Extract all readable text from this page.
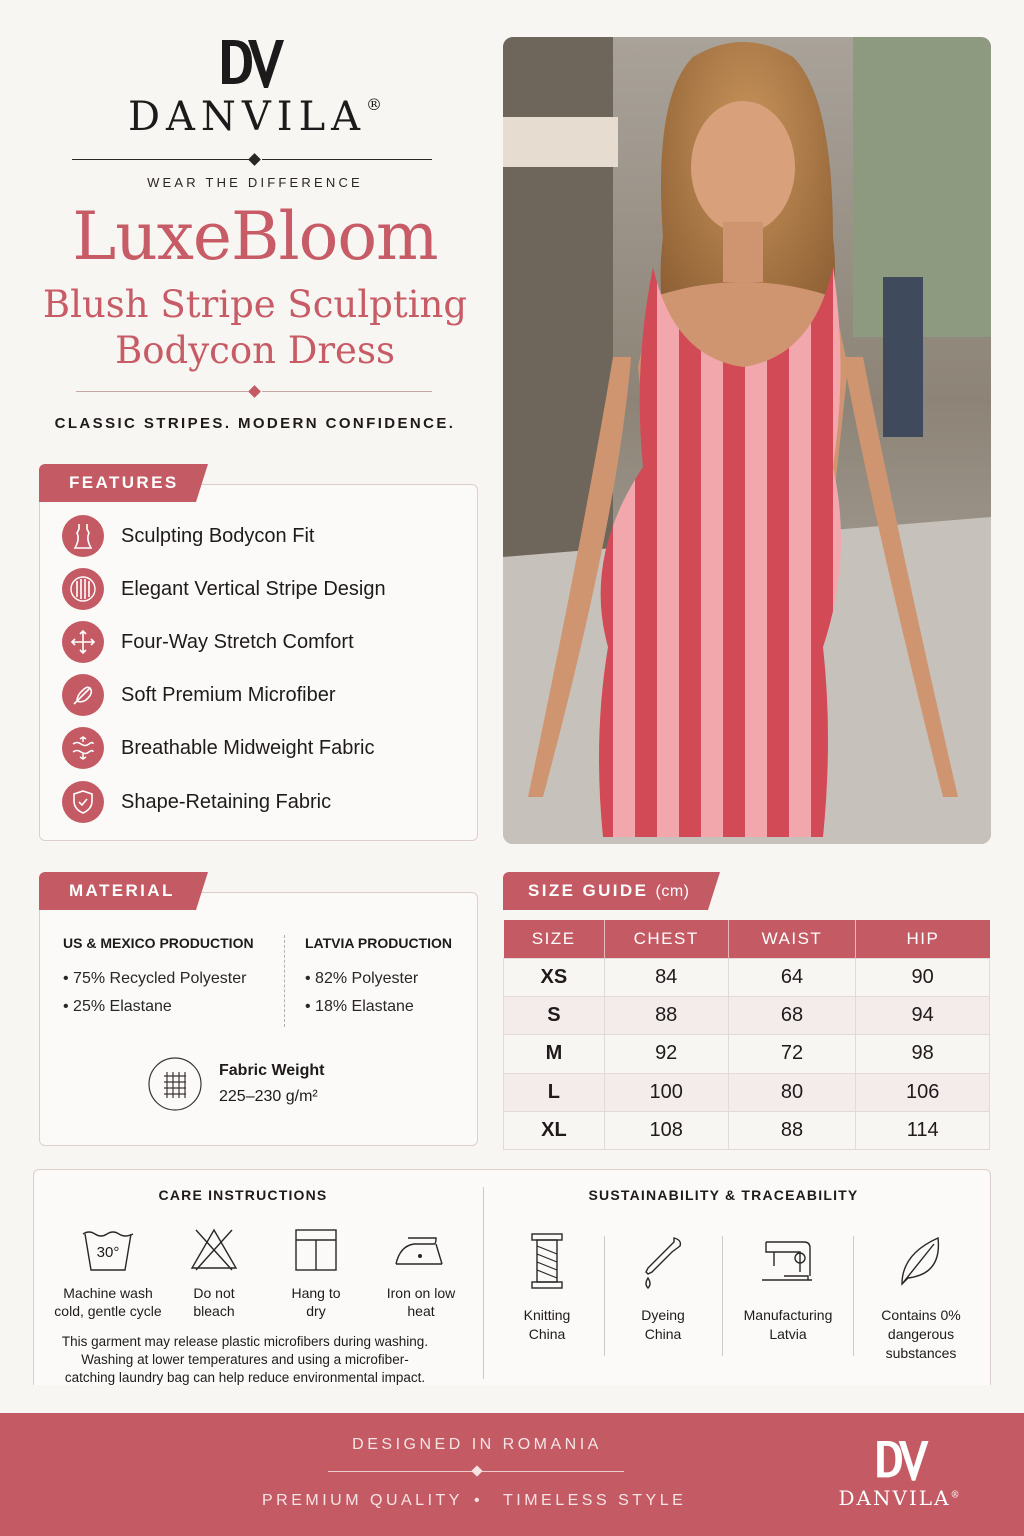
DANVILA®
WEAR THE DIFFERENCE
LuxeBloom
Blush Stripe Sculpting
Bodycon Dress
CLASSIC STRIPES. MODERN CONFIDENCE.
FEATURES
Sculpting Bodycon Fit
Elegant Vertical Stripe Design
Four-Way Stretch Comfort
Soft Premium Microfiber
Breathable Midweight Fabric
Shape-Retaining Fabric
MATERIAL
US & MEXICO PRODUCTION
• 75% Recycled Polyester
• 25% Elastane
LATVIA PRODUCTION
• 82% Polyester
• 18% Elastane
Fabric Weight
225–230 g/m²
SIZE GUIDE (cm)
SIZE	CHEST	WAIST	HIP
XS	84	64	90
S	88	68	94
M	92	72	98
L	100	80	106
XL	108	88	114
CARE INSTRUCTIONS
30°
Machine wash
cold, gentle cycle
Do not
bleach
Hang to
dry
Iron on low
heat
This garment may release plastic microfibers during washing.
Washing at lower temperatures and using a microfiber-
catching laundry bag can help reduce environmental impact.
SUSTAINABILITY & TRACEABILITY
Knitting
China
Dyeing
China
Manufacturing
Latvia
Contains 0%
dangerous
substances
DESIGNED IN ROMANIA
PREMIUM QUALITY • TIMELESS STYLE	DANVILA®
